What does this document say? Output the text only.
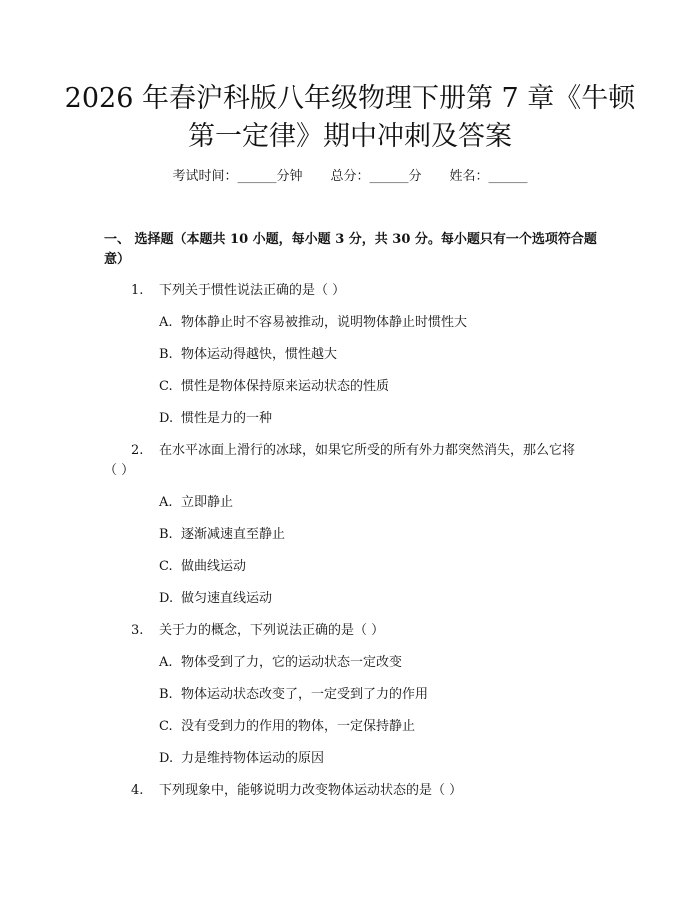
2026 年春沪科版八年级物理下册第 7 章《牛顿第一定律》期中冲刺及答案
考试时间：______分钟 总分：______分 姓名：______

一、 选择题（本题共 10 小题，每小题 3 分，共 30 分。每小题只有一个选项符合题意）

1. 下列关于惯性说法正确的是（ ）
A. 物体静止时不容易被推动，说明物体静止时惯性大
B. 物体运动得越快，惯性越大
C. 惯性是物体保持原来运动状态的性质
D. 惯性是力的一种
2. 在水平冰面上滑行的冰球，如果它所受的所有外力都突然消失，那么它将
（ ）
A. 立即静止
B. 逐渐减速直至静止
C. 做曲线运动
D. 做匀速直线运动
3. 关于力的概念，下列说法正确的是（ ）
A. 物体受到了力，它的运动状态一定改变
B. 物体运动状态改变了，一定受到了力的作用
C. 没有受到力的作用的物体，一定保持静止
D. 力是维持物体运动的原因
4. 下列现象中，能够说明力改变物体运动状态的是（ ）
